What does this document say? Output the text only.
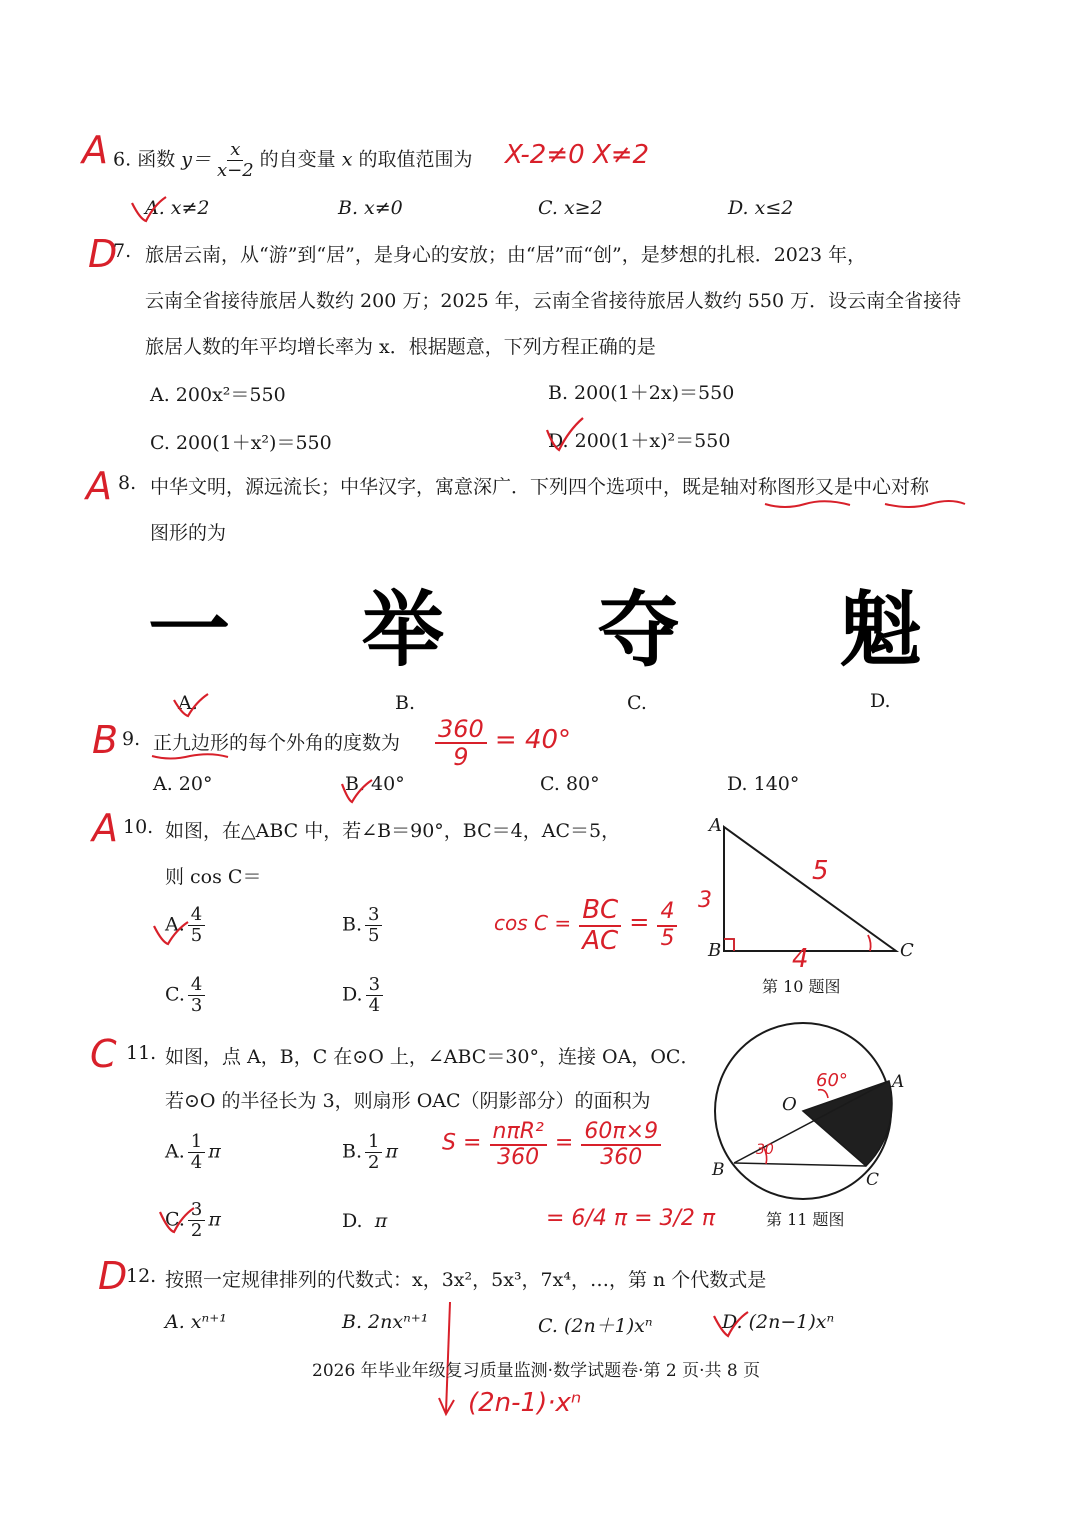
A 6. 函数 $y= \frac{x}{x-2}$ 的自变量 x 的取值范围为 X-2≠0 X≠2
A. x≠2	B. x≠0	C. x≥2	D. x≤2
D
7. 旅居云南，从“游”到“居”，是身心的安放；由“居”而“创”，是梦想的扎根．2023 年，
云南全省接待旅居人数约 200 万；2025 年，云南全省接待旅居人数约 550 万．设云南全省接待
旅居人数的年平均增长率为 x．根据题意，下列方程正确的是
A. 200x²＝550	B. 200(1＋2x)＝550
C. 200(1＋x²)＝550	D. 200(1＋x)²＝550
A 8. 中华文明，源远流长；中华汉字，寓意深广．下列四个选项中，既是轴对称图形又是中心对称
图形的为
一 举 夺 魁
A.	B.	C.	D.
B 9. 正九边形的每个外角的度数为 $\frac{360}{9} = 40^\circ$
A. 20°	B. 40°	C. 80°	D. 140°
A 10. 如图，在△ABC 中，若∠B＝90°，BC＝4，AC＝5，
则 cos C＝
A. $\frac{4}{5}$	B. $\frac{3}{5}$
C. $\frac{4}{3}$	D. $\frac{3}{4}$
$\cos C = \frac{BC}{AC} = \frac{4}{5}$
A
B	C
5
4
3
第 10 题图
C 11. 如图，点 A，B，C 在⊙O 上，∠ABC＝30°，连接 OA，OC．
若⊙O 的半径长为 3，则扇形 OAC（阴影部分）的面积为
A. $\frac{1}{4}$ π	B. $\frac{1}{2}$ π
C. $\frac{3}{2}$ π	D. π
$S = \frac{\text{nπR²}}{360} = \frac{60\pi\times 9}{360}$
= 6/4 π = 3/2 π
O
A
B	C
60°
30
第 11 题图
D
12. 按照一定规律排列的代数式：x，3x²，5x³，7x⁴，…，第 n 个代数式是
A. xⁿ⁺¹	B. 2nxⁿ⁺¹	C. (2n＋1)xⁿ	D. (2n−1)xⁿ
(2n-1)·xⁿ
2026 年毕业年级复习质量监测·数学试题卷·第 2 页·共 8 页
